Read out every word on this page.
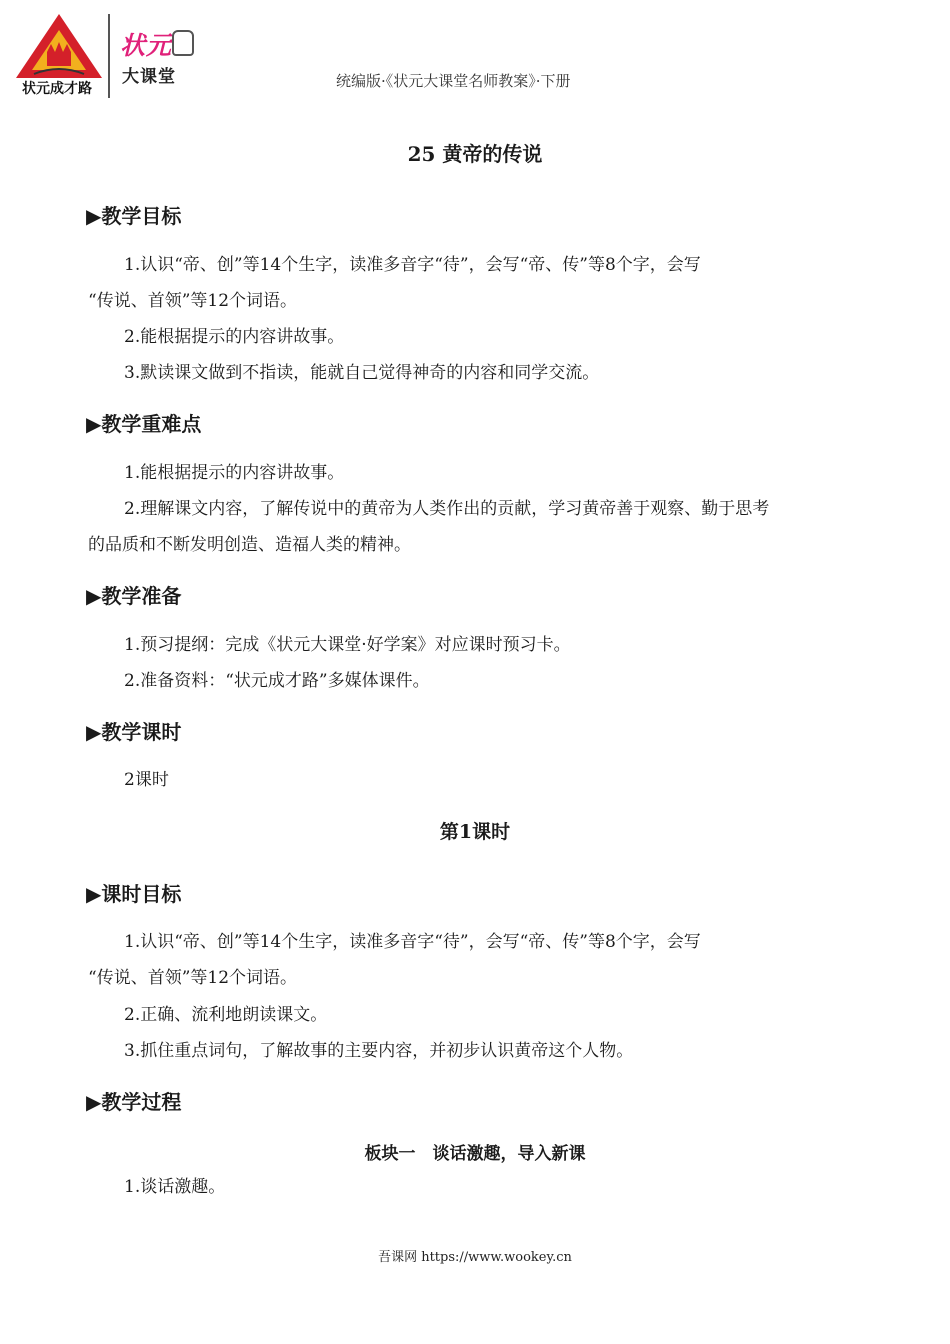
状元成才路
状元
大课堂	统编版·《状元大课堂名师教案》·下册
25 黄帝的传说
▶教学目标
1.认识“帝、创”等14个生字，读准多音字“待”，会写“帝、传”等8个字，会写
“传说、首领”等12个词语。
2.能根据提示的内容讲故事。
3.默读课文做到不指读，能就自己觉得神奇的内容和同学交流。
▶教学重难点
1.能根据提示的内容讲故事。
2.理解课文内容，了解传说中的黄帝为人类作出的贡献，学习黄帝善于观察、勤于思考
的品质和不断发明创造、造福人类的精神。
▶教学准备
1.预习提纲：完成《状元大课堂·好学案》对应课时预习卡。
2.准备资料：“状元成才路”多媒体课件。
▶教学课时
2课时
第1课时
▶课时目标
1.认识“帝、创”等14个生字，读准多音字“待”，会写“帝、传”等8个字，会写
“传说、首领”等12个词语。
2.正确、流利地朗读课文。
3.抓住重点词句，了解故事的主要内容，并初步认识黄帝这个人物。
▶教学过程
板块一　谈话激趣，导入新课
1.谈话激趣。
吾课网 https://www.wookey.cn
